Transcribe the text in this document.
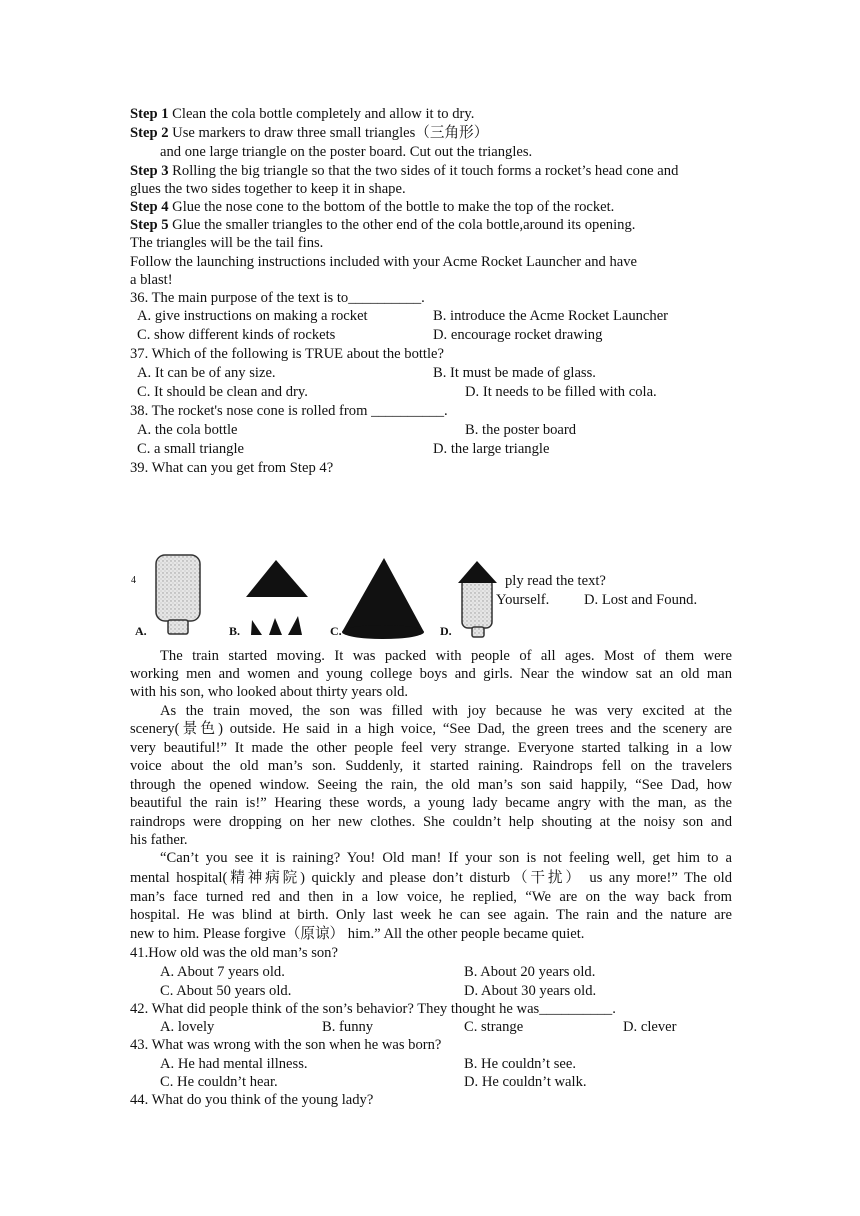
Step 1 Clean the cola bottle completely and allow it to dry.
Step 2 Use markers to draw three small triangles（三角形）
and one large triangle on the poster board. Cut out the triangles.
Step 3 Rolling the big triangle so that the two sides of it touch forms a rocket’s head cone and
glues the two sides together to keep it in shape.
Step 4 Glue the nose cone to the bottom of the bottle to make the top of the rocket.
Step 5 Glue the smaller triangles to the other end of the cola bottle,around its opening.
The triangles will be the tail fins.
Follow the launching instructions included with your Acme Rocket Launcher and have
a blast!
36. The main purpose of the text is to__________.
A. give instructions on making a rocket	B. introduce the Acme Rocket Launcher
C. show different kinds of rockets	D. encourage rocket drawing
37. Which of the following is TRUE about the bottle?
A. It can be of any size.	B. It must be made of glass.
C. It should be clean and dry.	D. It needs to be filled with cola.
38. The rocket's nose cone is rolled from __________.
A. the cola bottle	B. the poster board
C. a small triangle	D. the large triangle
39. What can you get from Step 4?
4	ply read the text?
Yourself. D. Lost and Found.
A.	B.	C.	D.
The train started moving. It was packed with people of all ages. Most of them were
working men and women and young college boys and girls. Near the window sat an old man
with his son, who looked about thirty years old.
As the train moved, the son was filled with joy because he was very excited at the
scenery(景色) outside. He said in a high voice, “See Dad, the green trees and the scenery are
very beautiful!” It made the other people feel very strange. Everyone started talking in a low
voice about the old man’s son. Suddenly, it started raining. Raindrops fell on the travelers
through the opened window. Seeing the rain, the old man’s son said happily, “See Dad, how
beautiful the rain is!” Hearing these words, a young lady became angry with the man, as the
raindrops were dropping on her new clothes. She couldn’t help shouting at the noisy son and
his father.
“Can’t you see it is raining? You! Old man! If your son is not feeling well, get him to a
mental hospital(精神病院) quickly and please don’t disturb（干扰） us any more!” The old
man’s face turned red and then in a low voice, he replied, “We are on the way back from
hospital. He was blind at birth. Only last week he can see again. The rain and the nature are
new to him. Please forgive（原谅） him.” All the other people became quiet.
41.How old was the old man’s son?
A. About 7 years old.	B. About 20 years old.
C. About 50 years old.	D. About 30 years old.
42. What did people think of the son’s behavior? They thought he was__________.
A. lovely	B. funny	C. strange	D. clever
43. What was wrong with the son when he was born?
A. He had mental illness.	B. He couldn’t see.
C. He couldn’t hear.	D. He couldn’t walk.
44. What do you think of the young lady?
